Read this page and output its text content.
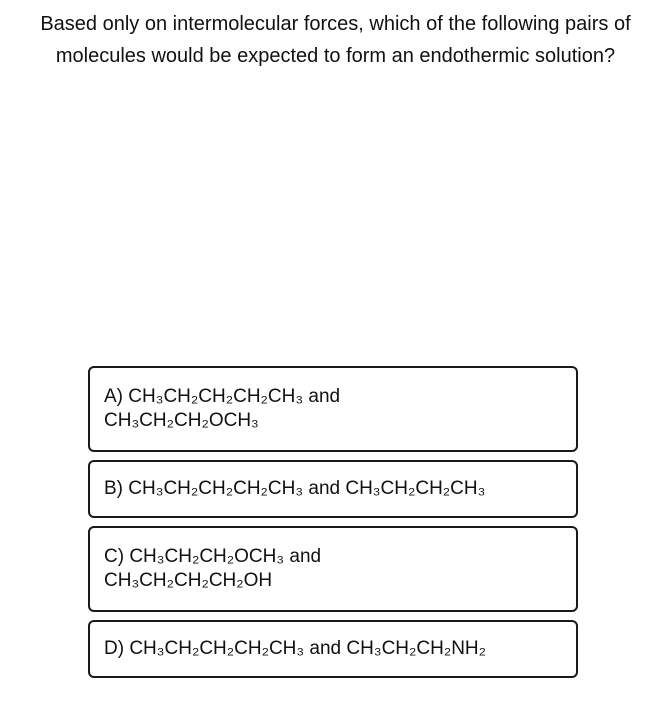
Based only on intermolecular forces, which of the following pairs of molecules would be expected to form an endothermic solution?

A) CH₃CH₂CH₂CH₂CH₃ and
CH₃CH₂CH₂OCH₃
B) CH₃CH₂CH₂CH₂CH₃ and CH₃CH₂CH₂CH₃
C) CH₃CH₂CH₂OCH₃ and
CH₃CH₂CH₂CH₂OH
D) CH₃CH₂CH₂CH₂CH₃ and CH₃CH₂CH₂NH₂
